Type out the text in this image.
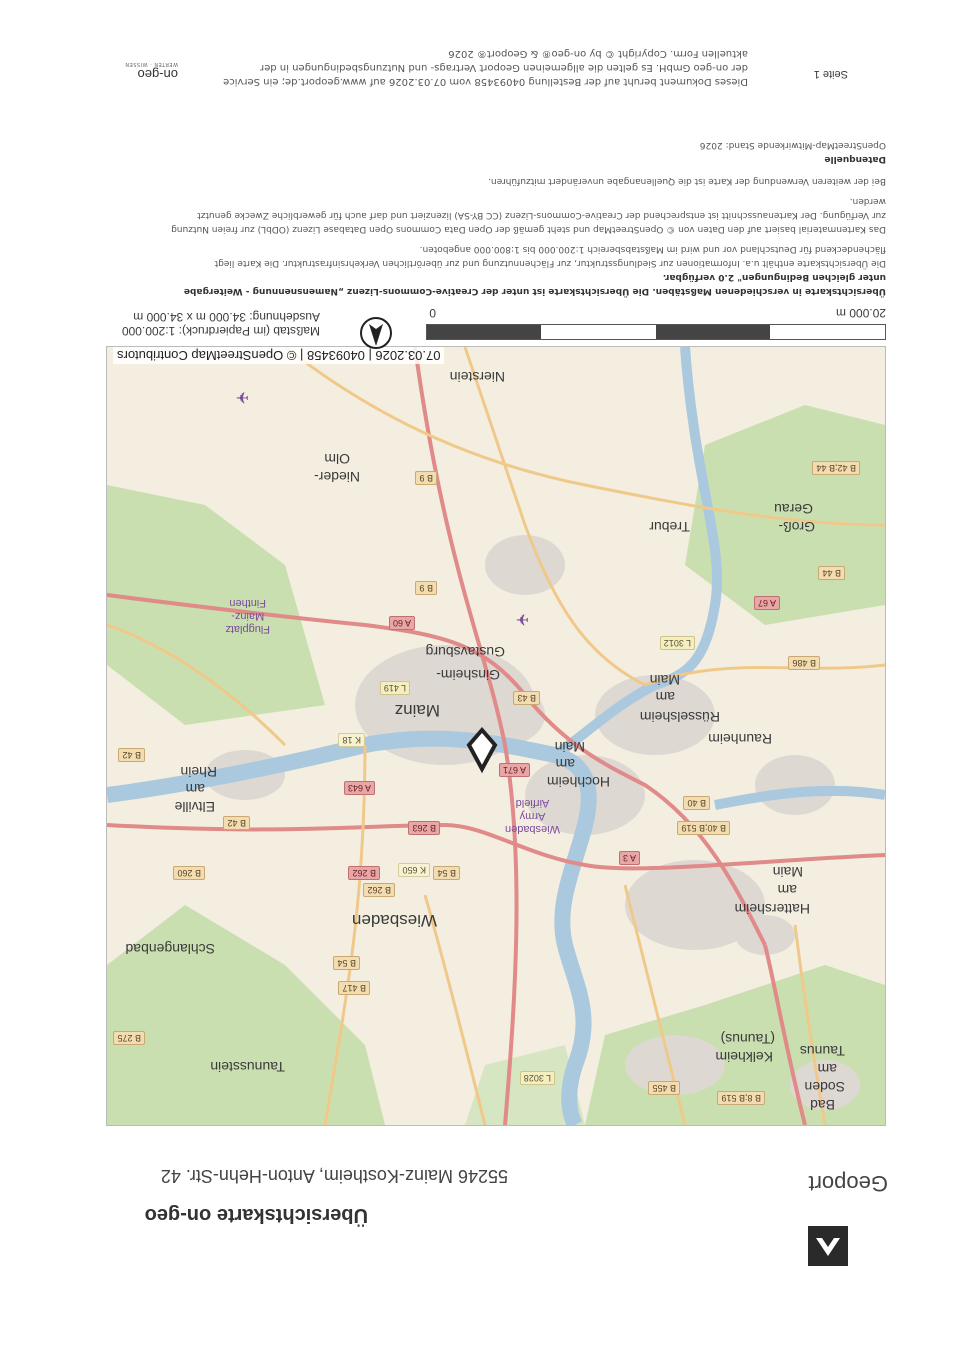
Geoport
Übersichtskarte on-geo
55246 Mainz-Kostheim, Anton-Hehn-Str. 42
✈
✈
Nierstein
Nieder-
Olm
Trebur	Groß-
Gerau
Gustavsburg
Ginsheim-
Mainz	Rüsselsheim
am
Main
Raunheim
Hochheim
am
Main
Eltville
am
Rhein
Wiesbaden
Schlangenbad
Hattersheim
am
Main
Taunusstein
Kelkheim
(Taunus)
Bad
Soden
am
Taunus
Flugplatz
Mainz-
Finthen
Wiesbaden
Army
Airfield
B 9
B 9
B 42;B 44
B 44
A 67
A 60
L 3012
B 486
L 419
B 43
K 18
B 42
A 671
A 643
B 42
B 40
B 263	B 40;B 519
B 260	B 262	K 650	B 54
B 262
A 3
B 54
B 417
B 275
L 3028
B 455
B 8;B 519
07.03.2026 | 04093458 | © OpenStreetMap Contributors
20.000 m
0
Maßstab (im Papierdruck): 1:200.000
Ausdehnung: 34.000 m x 34.000 m
Übersichtskarte in verschiedenen Maßstäben. Die Übersichtskarte ist unter der Creative-Commons-Lizenz „Namensnennung - Weitergabe
unter gleichen Bedingungen" 2.0 verfügbar.
Die Übersichtskarte enthält u.a. Informationen zur Siedlungsstruktur, zur Flächennutzung und zur überörtlichen Verkehrsinfrastruktur. Die Karte liegt
flächendeckend für Deutschland vor und wird im Maßstabsbereich 1:200.000 bis 1:800.000 angeboten.
Das Kartenmaterial basiert auf den Daten von © OpenStreetMap und steht gemäß der Open Data Commons Open Database Lizenz (ODbL) zur freien Nutzung
zur Verfügung. Der Kartenausschnitt ist entsprechend der Creative-Commons-Lizenz (CC BY-SA) lizenziert und darf auch für gewerbliche Zwecke genutzt
werden.
Bei der weiteren Verwendung der Karte ist die Quellenangabe unverändert mitzuführen.
Datenquelle
OpenStreetMap-Mitwirkende Stand: 2026
Seite 1
Dieses Dokument beruht auf der Bestellung 04093458 vom 07.03.2026 auf www.geoport.de; ein Service
der on-geo GmbH. Es gelten die allgemeinen Geoport Vertrags- und Nutzungsbedingungen in der
aktuellen Form. Copyright © by on-geo® & Geoport® 2026
on-geo
WERTEN · WISSEN
